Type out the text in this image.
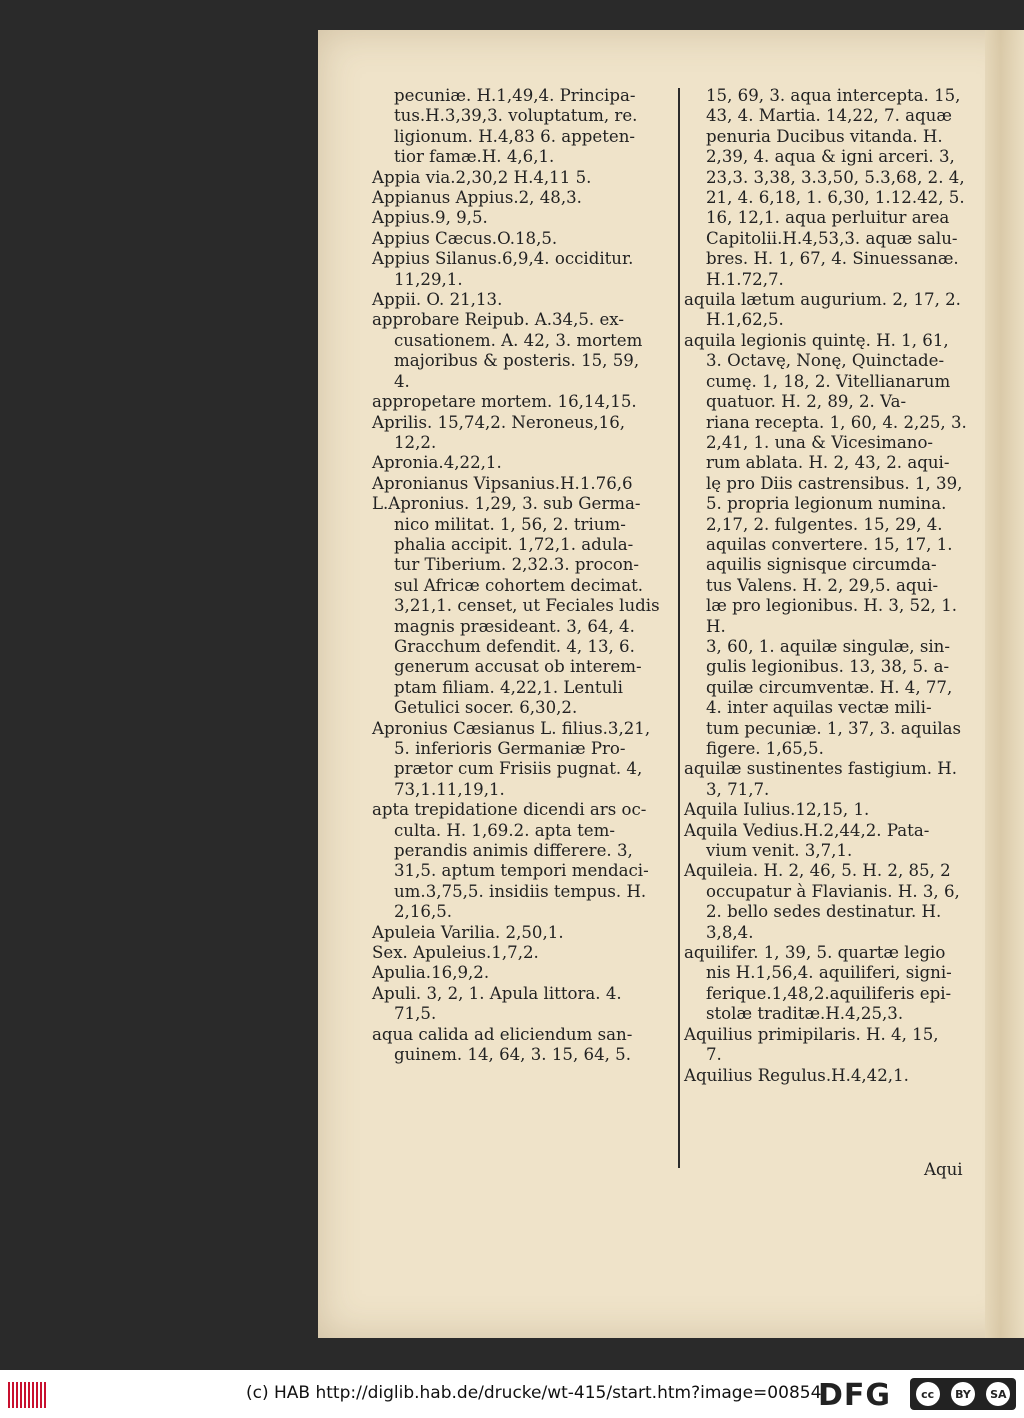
pecuniæ. H.1,49,4. Principa-

tus.H.3,39,3. voluptatum, re.

ligionum. H.4,83 6. appeten-

tior famæ.H. 4,6,1.

Appia via.2,30,2 H.4,11 5.

Appianus Appius.2, 48,3.

Appius.9, 9,5.

Appius Cæcus.O.18,5.

Appius Silanus.6,9,4. occiditur.

11,29,1.

Appii. O. 21,13.

approbare Reipub. A.34,5. ex-

cusationem. A. 42, 3. mortem

majoribus & posteris. 15, 59,

4.

appropetare mortem. 16,14,15.

Aprilis. 15,74,2. Neroneus,16,

12,2.

Apronia.4,22,1.

Apronianus Vipsanius.H.1.76,6

L.Apronius. 1,29, 3. sub Germa-

nico militat. 1, 56, 2. trium-

phalia accipit. 1,72,1. adula-

tur Tiberium. 2,32.3. procon-

sul Africæ cohortem decimat.

3,21,1. censet, ut Feciales ludis

magnis præsideant. 3, 64, 4.

Gracchum defendit. 4, 13, 6.

generum accusat ob interem-

ptam filiam. 4,22,1. Lentuli

Getulici socer. 6,30,2.

Apronius Cæsianus L. filius.3,21,

5. inferioris Germaniæ Pro-

prætor cum Frisiis pugnat. 4,

73,1.11,19,1.

apta trepidatione dicendi ars oc-

culta. H. 1,69.2. apta tem-

perandis animis differere. 3,

31,5. aptum tempori mendaci-

um.3,75,5. insidiis tempus. H.

2,16,5.

Apuleia Varilia. 2,50,1.

Sex. Apuleius.1,7,2.

Apulia.16,9,2.

Apuli. 3, 2, 1. Apula littora. 4.

71,5.

aqua calida ad eliciendum san-

guinem. 14, 64, 3. 15, 64, 5.

15, 69, 3. aqua intercepta. 15,

43, 4. Martia. 14,22, 7. aquæ

penuria Ducibus vitanda. H.

2,39, 4. aqua & igni arceri. 3,

23,3. 3,38, 3.3,50, 5.3,68, 2. 4,

21, 4. 6,18, 1. 6,30, 1.12.42, 5.

16, 12,1. aqua perluitur area

Capitolii.H.4,53,3. aquæ salu-

bres. H. 1, 67, 4. Sinuessanæ.

H.1.72,7.

aquila lætum augurium. 2, 17, 2.

H.1,62,5.

aquila legionis quintę. H. 1, 61,

3. Octavę, Nonę, Quinctade-

cumę. 1, 18, 2. Vitellianarum

quatuor. H. 2, 89, 2. Va-

riana recepta. 1, 60, 4. 2,25, 3.

2,41, 1. una & Vicesimano-

rum ablata. H. 2, 43, 2. aqui-

lę pro Diis castrensibus. 1, 39,

5. propria legionum numina.

2,17, 2. fulgentes. 15, 29, 4.

aquilas convertere. 15, 17, 1.

aquilis signisque circumda-

tus Valens. H. 2, 29,5. aqui-

læ pro legionibus. H. 3, 52, 1. H.

3, 60, 1. aquilæ singulæ, sin-

gulis legionibus. 13, 38, 5. a-

quilæ circumventæ. H. 4, 77,

4. inter aquilas vectæ mili-

tum pecuniæ. 1, 37, 3. aquilas

figere. 1,65,5.

aquilæ sustinentes fastigium. H.

3, 71,7.

Aquila Iulius.12,15, 1.

Aquila Vedius.H.2,44,2. Pata-

vium venit. 3,7,1.

Aquileia. H. 2, 46, 5. H. 2, 85, 2

occupatur à Flavianis. H. 3, 6,

2. bello sedes destinatur. H.

3,8,4.

aquilifer. 1, 39, 5. quartæ legio

nis H.1,56,4. aquiliferi, signi-

ferique.1,48,2.aquiliferis epi-

stolæ traditæ.H.4,25,3.

Aquilius primipilaris. H. 4, 15,

7.

Aquilius Regulus.H.4,42,1.

Aqui
(c) HAB http://diglib.hab.de/drucke/wt-415/start.htm?image=00854
DFG	cc	BY	SA
